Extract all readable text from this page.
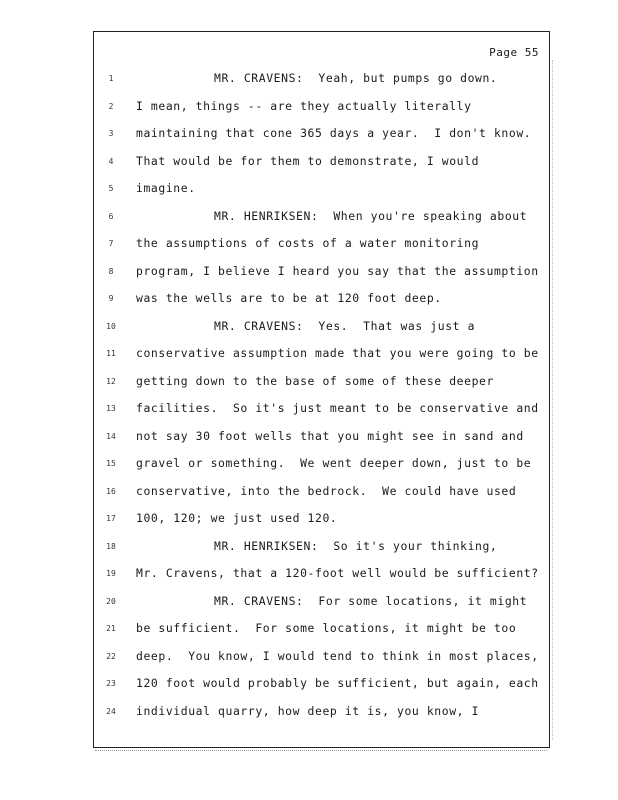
Page 55
1	MR. CRAVENS:  Yeah, but pumps go down.
2	I mean, things -- are they actually literally
3	maintaining that cone 365 days a year.  I don't know.
4	That would be for them to demonstrate, I would
5	imagine.
6	MR. HENRIKSEN:  When you're speaking about
7	the assumptions of costs of a water monitoring
8	program, I believe I heard you say that the assumption
9	was the wells are to be at 120 foot deep.
10	MR. CRAVENS:  Yes.  That was just a
11 conservative assumption made that you were going to be
12 getting down to the base of some of these deeper
13 facilities.  So it's just meant to be conservative and
14 not say 30 foot wells that you might see in sand and
15 gravel or something.  We went deeper down, just to be
16 conservative, into the bedrock.  We could have used
17 100, 120; we just used 120.
18	MR. HENRIKSEN:  So it's your thinking,
19 Mr. Cravens, that a 120-foot well would be sufficient?
20	MR. CRAVENS:  For some locations, it might
21 be sufficient.  For some locations, it might be too
22 deep.  You know, I would tend to think in most places,
23 120 foot would probably be sufficient, but again, each
24 individual quarry, how deep it is, you know, I
